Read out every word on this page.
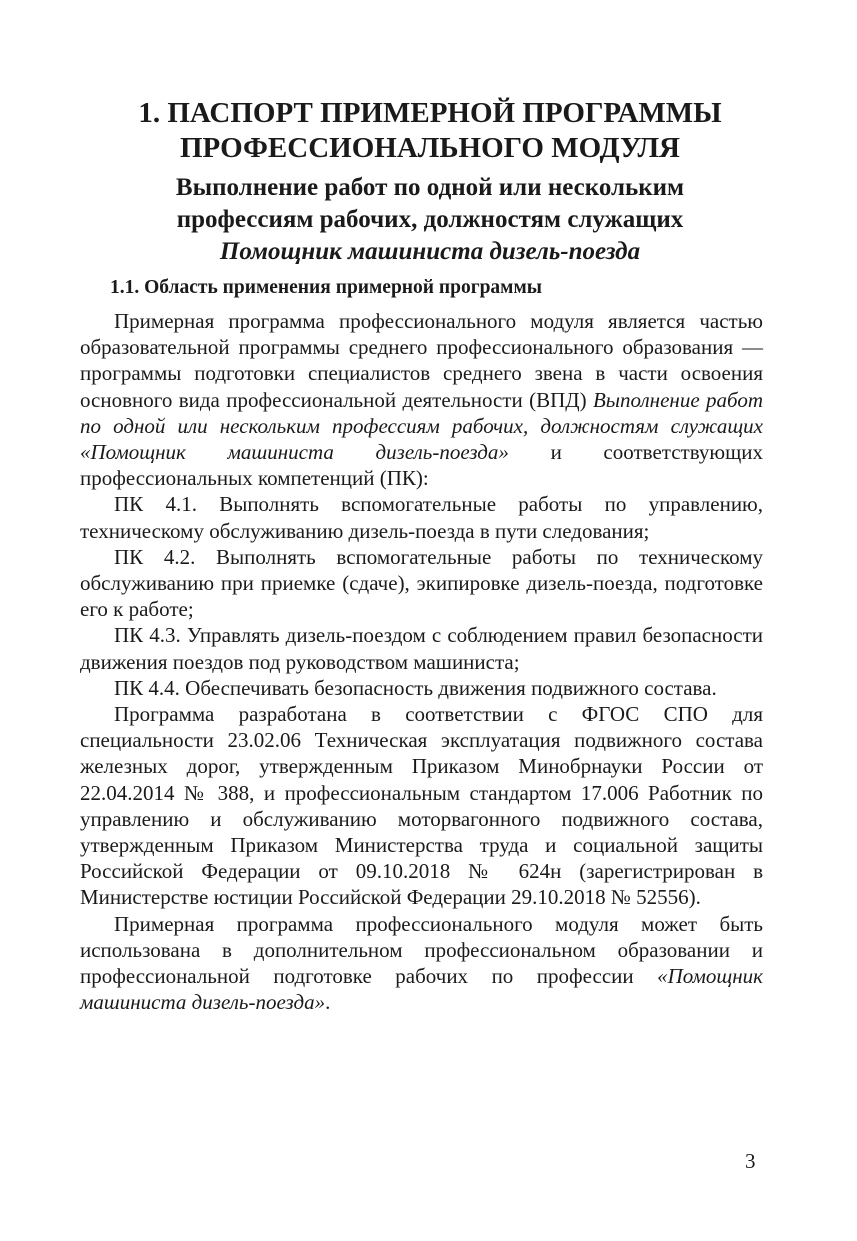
1. ПАСПОРТ ПРИМЕРНОЙ ПРОГРАММЫ
ПРОФЕССИОНАЛЬНОГО МОДУЛЯ
Выполнение работ по одной или нескольким
профессиям рабочих, должностям служащих
Помощник машиниста дизель-поезда
1.1. Область применения примерной программы

Примерная программа профессионального модуля является частью образовательной программы среднего профессионального образования — программы подготовки специалистов среднего звена в части освоения основного вида профессиональной деятельности (ВПД) Выполнение работ по одной или нескольким профессиям рабочих, должностям служащих «Помощник машиниста дизель-поезда» и соответствующих профессиональных компетенций (ПК):

ПК 4.1. Выполнять вспомогательные работы по управлению, техническому обслуживанию дизель-поезда в пути следования;

ПК 4.2. Выполнять вспомогательные работы по техническому обслуживанию при приемке (сдаче), экипировке дизель-поезда, подготовке его к работе;

ПК 4.3. Управлять дизель-поездом с соблюдением правил безопасности движения поездов под руководством машиниста;

ПК 4.4. Обеспечивать безопасность движения подвижного состава.

Программа разработана в соответствии с ФГОС СПО для специальности 23.02.06 Техническая эксплуатация подвижного состава железных дорог, утвержденным Приказом Минобрнауки России от 22.04.2014 № 388, и профессиональным стандартом 17.006 Работник по управлению и обслуживанию моторвагонного подвижного состава, утвержденным Приказом Министерства труда и социальной защиты Российской Федерации от 09.10.2018 № 624н (зарегистрирован в Министерстве юстиции Российской Федерации 29.10.2018 № 52556).

Примерная программа профессионального модуля может быть использована в дополнительном профессиональном образовании и профессиональной подготовке рабочих по профессии «Помощник машиниста дизель-поезда».

3
